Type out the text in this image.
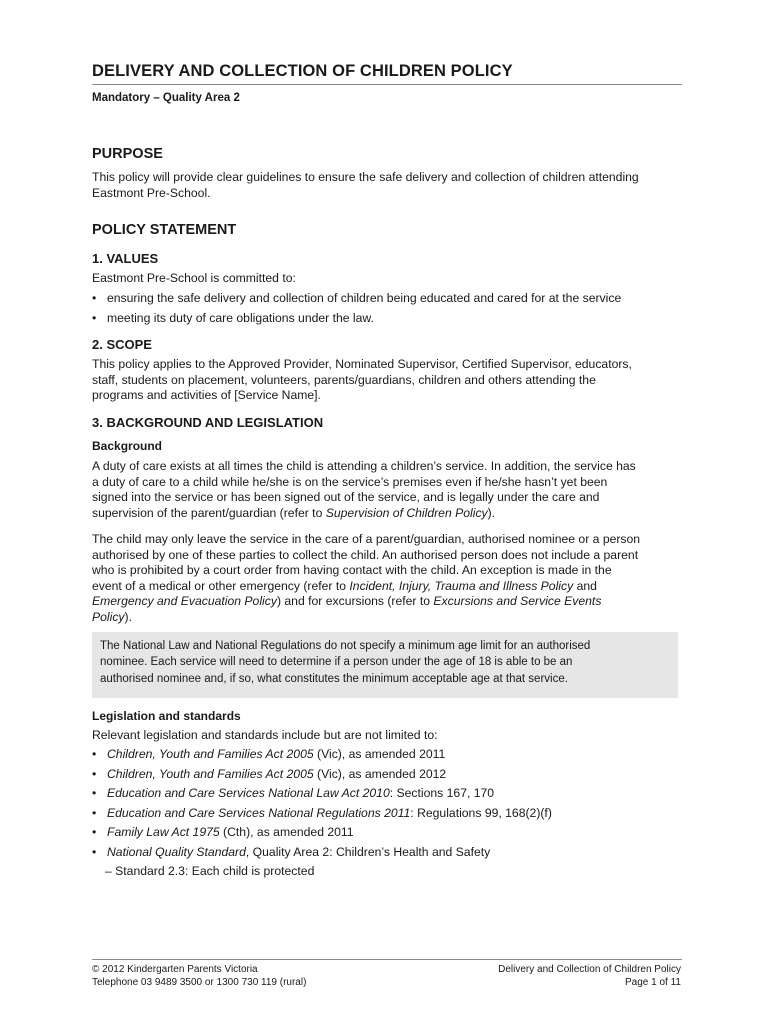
DELIVERY AND COLLECTION OF CHILDREN POLICY
Mandatory – Quality Area 2
PURPOSE
This policy will provide clear guidelines to ensure the safe delivery and collection of children attending
Eastmont Pre-School.
POLICY STATEMENT
1. VALUES
Eastmont Pre-School is committed to:
• ensuring the safe delivery and collection of children being educated and cared for at the service
• meeting its duty of care obligations under the law.
2. SCOPE
This policy applies to the Approved Provider, Nominated Supervisor, Certified Supervisor, educators,
staff, students on placement, volunteers, parents/guardians, children and others attending the
programs and activities of [Service Name].
3. BACKGROUND AND LEGISLATION
Background
A duty of care exists at all times the child is attending a children’s service. In addition, the service has
a duty of care to a child while he/she is on the service’s premises even if he/she hasn’t yet been
signed into the service or has been signed out of the service, and is legally under the care and
supervision of the parent/guardian (refer to Supervision of Children Policy).
The child may only leave the service in the care of a parent/guardian, authorised nominee or a person
authorised by one of these parties to collect the child. An authorised person does not include a parent
who is prohibited by a court order from having contact with the child. An exception is made in the
event of a medical or other emergency (refer to Incident, Injury, Trauma and Illness Policy and
Emergency and Evacuation Policy) and for excursions (refer to Excursions and Service Events
Policy).
The National Law and National Regulations do not specify a minimum age limit for an authorised
nominee. Each service will need to determine if a person under the age of 18 is able to be an
authorised nominee and, if so, what constitutes the minimum acceptable age at that service.
Legislation and standards
Relevant legislation and standards include but are not limited to:
• Children, Youth and Families Act 2005 (Vic), as amended 2011
• Children, Youth and Families Act 2005 (Vic), as amended 2012
• Education and Care Services National Law Act 2010: Sections 167, 170
• Education and Care Services National Regulations 2011: Regulations 99, 168(2)(f)
• Family Law Act 1975 (Cth), as amended 2011
• National Quality Standard, Quality Area 2: Children’s Health and Safety
– Standard 2.3: Each child is protected
© 2012 Kindergarten Parents Victoria
Telephone 03 9489 3500 or 1300 730 119 (rural)
Delivery and Collection of Children Policy
Page 1 of 11
